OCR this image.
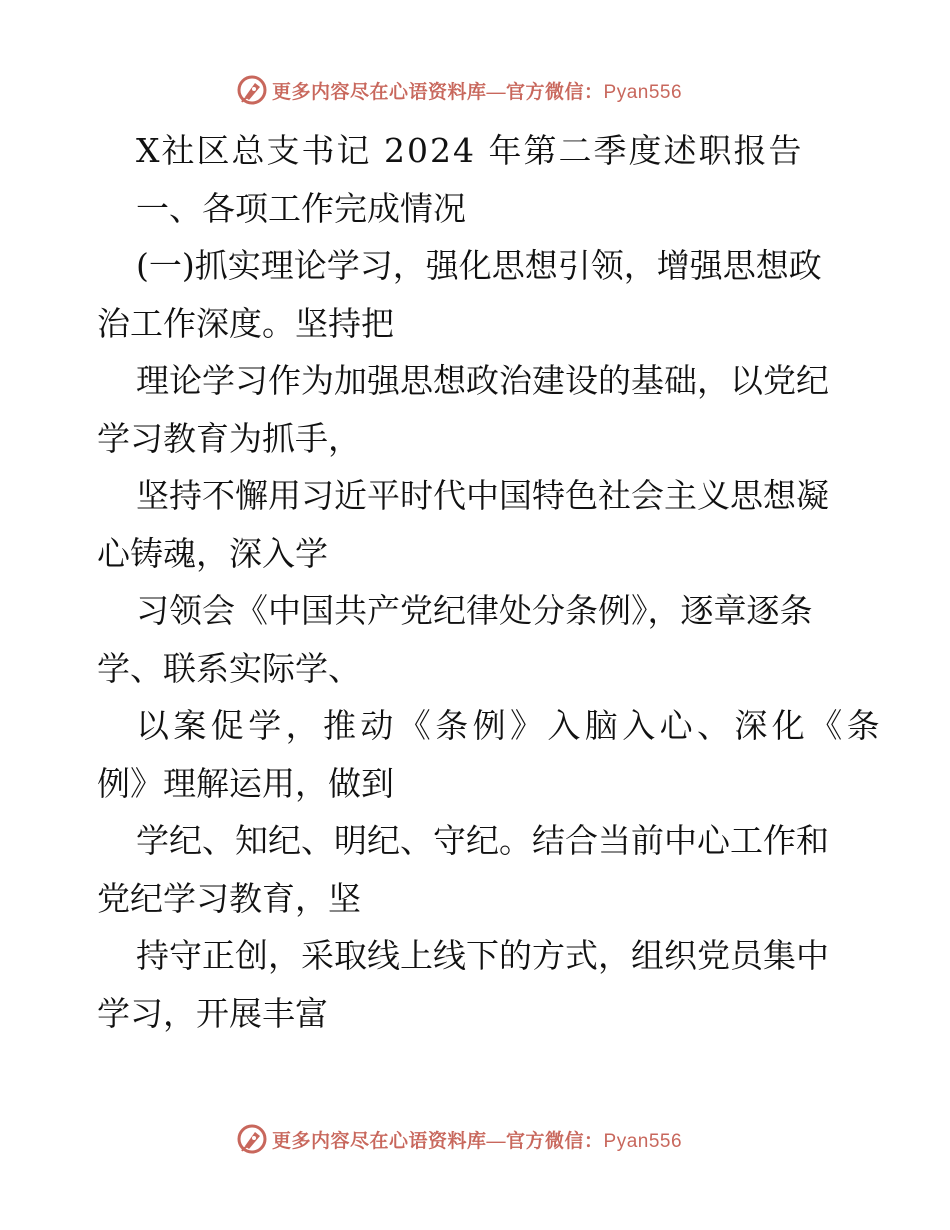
更多内容尽在心语资料库—官方微信：Pyan556
X社区总支书记 2024 年第二季度述职报告
一、各项工作完成情况
(一)抓实理论学习，强化思想引领，增强思想政
治工作深度。坚持把
理论学习作为加强思想政治建设的基础，以党纪
学习教育为抓手，
坚持不懈用习近平时代中国特色社会主义思想凝
心铸魂，深入学
习领会《中国共产党纪律处分条例》，逐章逐条
学、联系实际学、
以案促学，推动《条例》入脑入心、深化《条
例》理解运用，做到
学纪、知纪、明纪、守纪。结合当前中心工作和
党纪学习教育，坚
持守正创，采取线上线下的方式，组织党员集中
学习，开展丰富
更多内容尽在心语资料库—官方微信：Pyan556
